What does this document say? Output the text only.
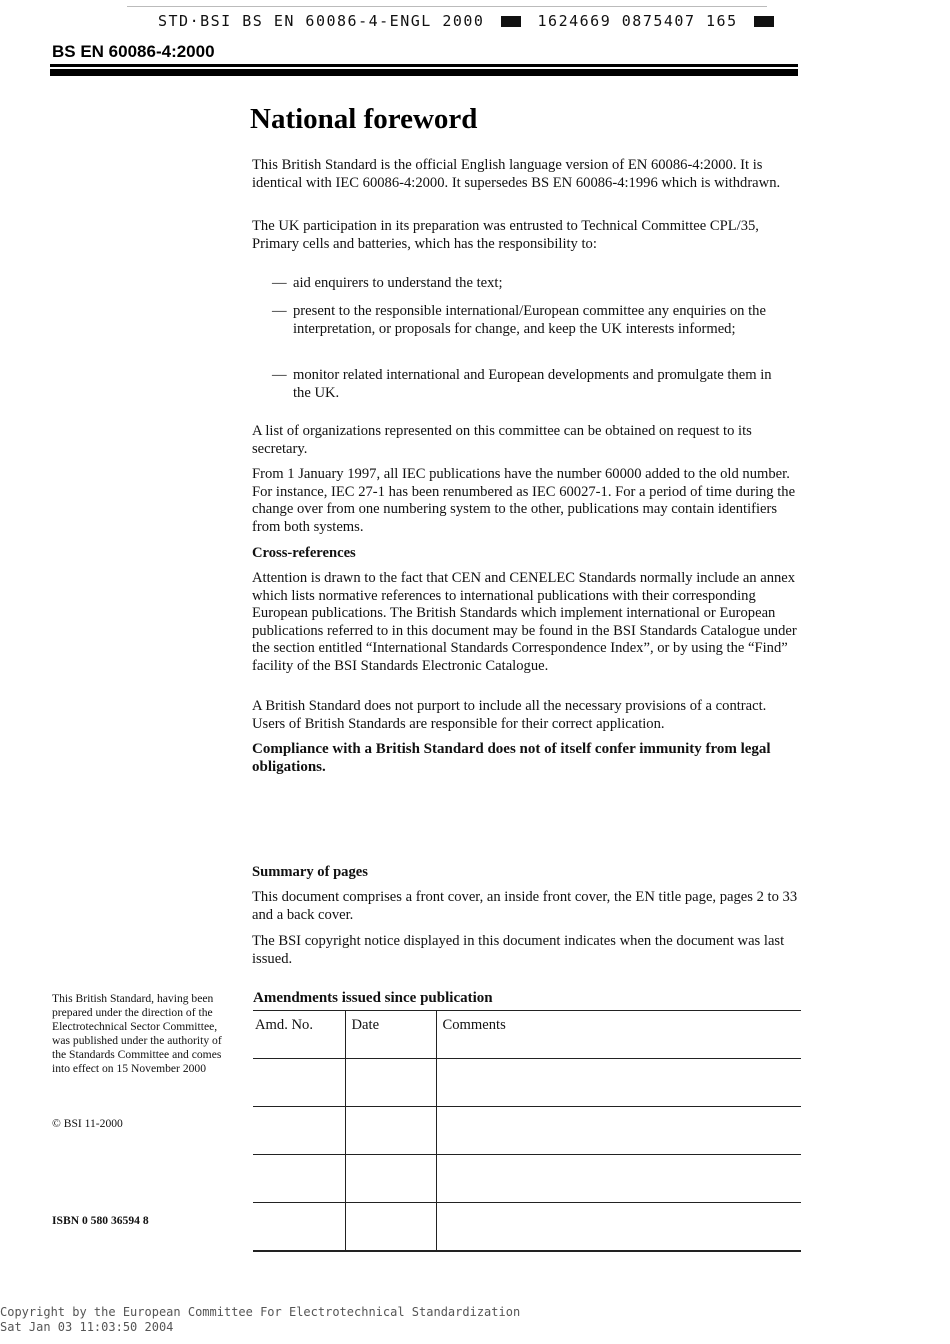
STD·BSI BS EN 60086-4-ENGL 2000	1624669 0875407 165
BS EN 60086-4:2000
National foreword

This British Standard is the official English language version of EN 60086-4:2000. It is identical with IEC 60086-4:2000. It supersedes BS EN 60086-4:1996 which is withdrawn.

The UK participation in its preparation was entrusted to Technical Committee CPL/35, Primary cells and batteries, which has the responsibility to:

— aid enquirers to understand the text;
— present to the responsible international/European committee any enquiries on the interpretation, or proposals for change, and keep the UK interests informed;
— monitor related international and European developments and promulgate them in the UK.

A list of organizations represented on this committee can be obtained on request to its secretary.

From 1 January 1997, all IEC publications have the number 60000 added to the old number. For instance, IEC 27-1 has been renumbered as IEC 60027-1. For a period of time during the change over from one numbering system to the other, publications may contain identifiers from both systems.

Cross-references

Attention is drawn to the fact that CEN and CENELEC Standards normally include an annex which lists normative references to international publications with their corresponding European publications. The British Standards which implement international or European publications referred to in this document may be found in the BSI Standards Catalogue under the section entitled “International Standards Correspondence Index”, or by using the “Find” facility of the BSI Standards Electronic Catalogue.

A British Standard does not purport to include all the necessary provisions of a contract. Users of British Standards are responsible for their correct application.

Compliance with a British Standard does not of itself confer immunity from legal obligations.

Summary of pages

This document comprises a front cover, an inside front cover, the EN title page, pages 2 to 33 and a back cover.

The BSI copyright notice displayed in this document indicates when the document was last issued.

This British Standard, having been prepared under the direction of the Electrotechnical Sector Committee, was published under the authority of the Standards Committee and comes into effect on 15 November 2000
© BSI 11-2000
ISBN 0 580 36594 8
Amendments issued since publication
Amd. No.	Date	Comments

Copyright by the European Committee For Electrotechnical Standardization
Sat Jan 03 11:03:50 2004
